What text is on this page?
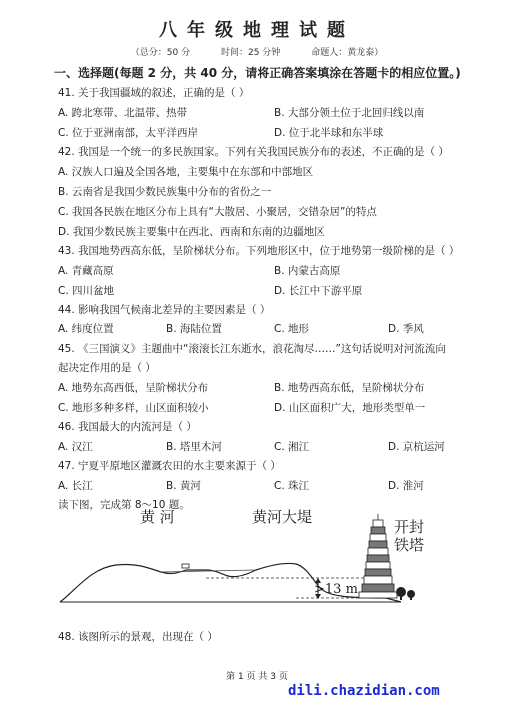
八年级地理试题
（总分：50 分	时间：25 分钟	命题人：黄龙泰）
一、选择题(每题 2 分，共 40 分，请将正确答案填涂在答题卡的相应位置。)
41. 关于我国疆域的叙述，正确的是（ ）
A. 跨北寒带、北温带、热带	B. 大部分领土位于北回归线以南
C. 位于亚洲南部，太平洋西岸	D. 位于北半球和东半球
42. 我国是一个统一的多民族国家。下列有关我国民族分布的表述，不正确的是（ ）
A. 汉族人口遍及全国各地，主要集中在东部和中部地区
B. 云南省是我国少数民族集中分布的省份之一
C. 我国各民族在地区分布上具有“大散居、小聚居，交错杂居”的特点
D. 我国少数民族主要集中在西北、西南和东南的边疆地区
43. 我国地势西高东低，呈阶梯状分布。下列地形区中，位于地势第一级阶梯的是（ ）
A. 青藏高原	B. 内蒙古高原
C. 四川盆地	D. 长江中下游平原
44. 影响我国气候南北差异的主要因素是（ ）
A. 纬度位置	B. 海陆位置	C. 地形	D. 季风
45. 《三国演义》主题曲中“滚滚长江东逝水，浪花淘尽……”这句话说明对河流流向
起决定作用的是（ ）
A. 地势东高西低，呈阶梯状分布	B. 地势西高东低，呈阶梯状分布
C. 地形多种多样，山区面积较小	D. 山区面积广大，地形类型单一
46. 我国最大的内流河是（ ）
A. 汉江	B. 塔里木河	C. 湘江	D. 京杭运河
47. 宁夏平原地区灌溉农田的水主要来源于（ ）
A. 长江	B. 黄河	C. 珠江	D. 淮河
读下图，完成第 8～10 题。
黄 河	黄河大堤
开封
铁塔
>13 m
48. 该图所示的景观，出现在（ ）
第 1 页 共 3 页
dili.chazidian.com
